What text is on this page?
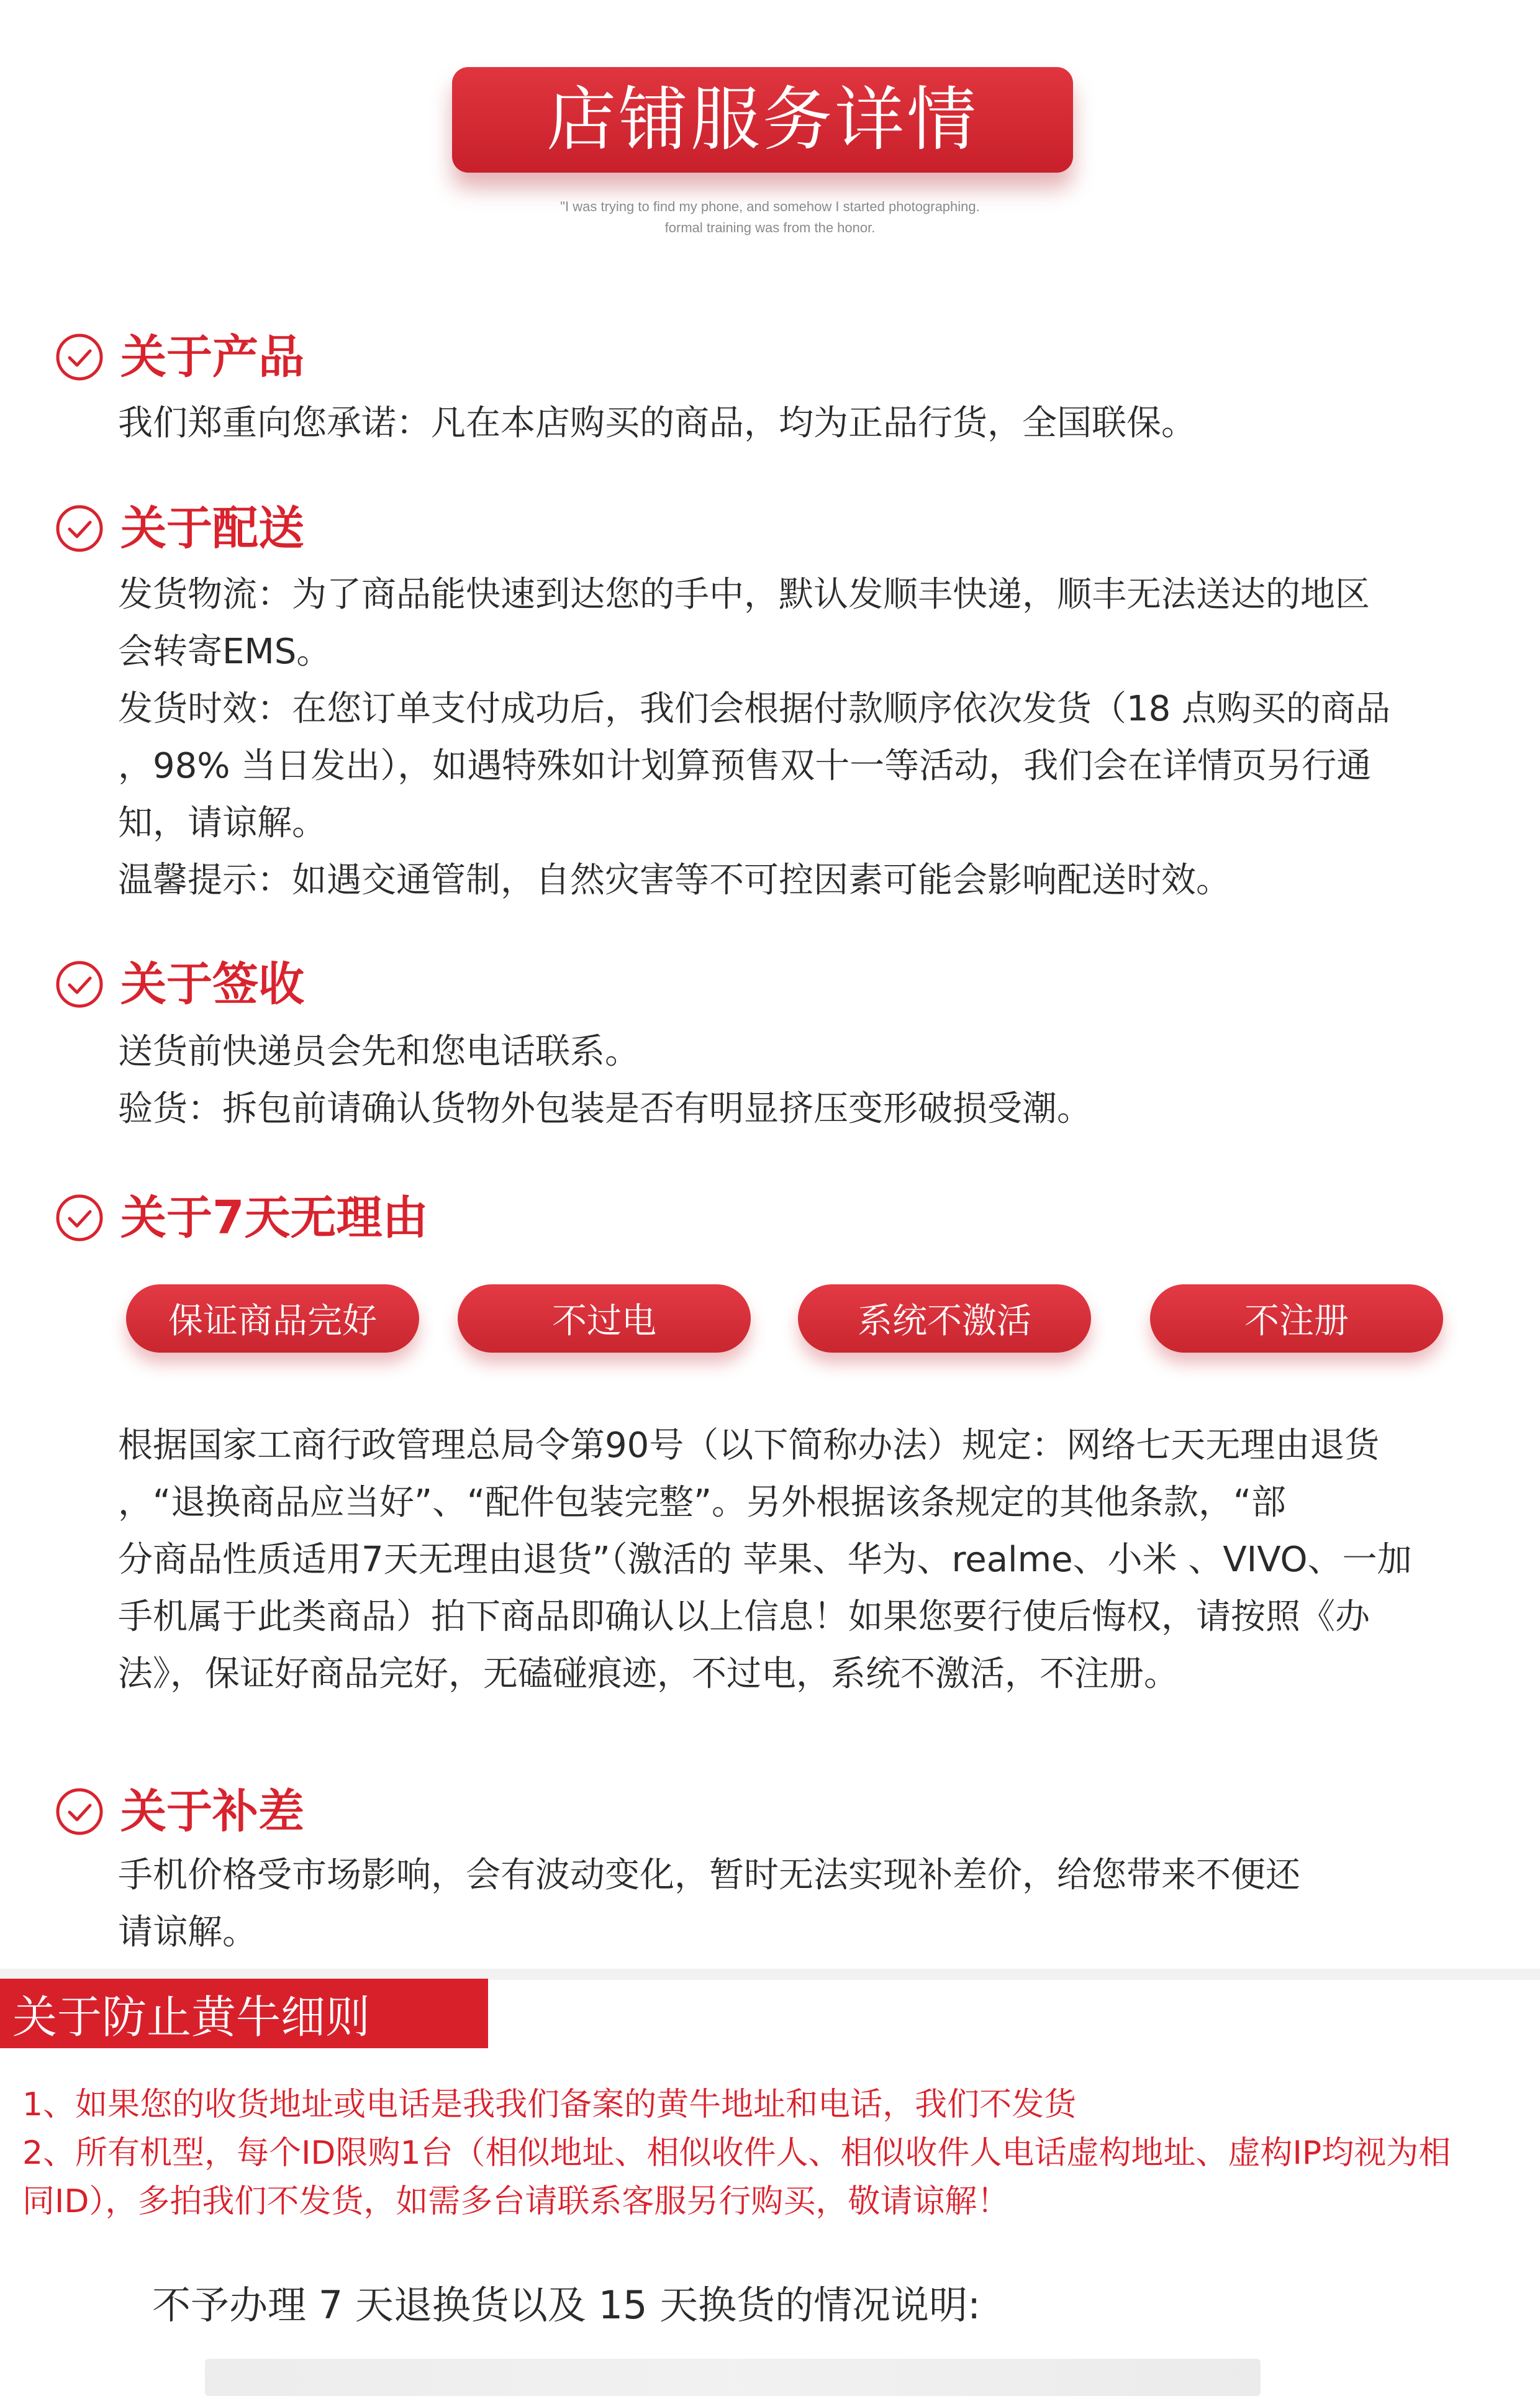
店铺服务详情
"I was trying to find my phone, and somehow I started photographing.
formal training was from the honor.
关于产品

我们郑重向您承诺：凡在本店购买的商品，均为正品行货，全国联保。

关于配送

发货物流：为了商品能快速到达您的手中，默认发顺丰快递，顺丰无法送达的地区

会转寄EMS。

发货时效：在您订单支付成功后，我们会根据付款顺序依次发货（18 点购买的商品

，98% 当日发出），如遇特殊如计划算预售双十一等活动，我们会在详情页另行通

知，请谅解。

温馨提示：如遇交通管制，自然灾害等不可控因素可能会影响配送时效。

关于签收

送货前快递员会先和您电话联系。

验货：拆包前请确认货物外包装是否有明显挤压变形破损受潮。

关于7天无理由
保证商品完好	不过电	系统不激活	不注册

根据国家工商行政管理总局令第90号（以下简称办法）规定：网络七天无理由退货

，“退换商品应当好”、“配件包装完整”。另外根据该条规定的其他条款，“部

分商品性质适用7天无理由退货”（激活的 苹果、华为、realme、小米 、VIVO、一加

手机属于此类商品）拍下商品即确认以上信息！如果您要行使后悔权，请按照《办

法》，保证好商品完好，无磕碰痕迹，不过电，系统不激活，不注册。

关于补差

手机价格受市场影响，会有波动变化，暂时无法实现补差价，给您带来不便还

请谅解。

关于防止黄牛细则

1、如果您的收货地址或电话是我我们备案的黄牛地址和电话，我们不发货

2、所有机型，每个ID限购1台（相似地址、相似收件人、相似收件人电话虚构地址、虚构IP均视为相

同ID），多拍我们不发货，如需多台请联系客服另行购买，敬请谅解！

不予办理 7 天退换货以及 15 天换货的情况说明:
